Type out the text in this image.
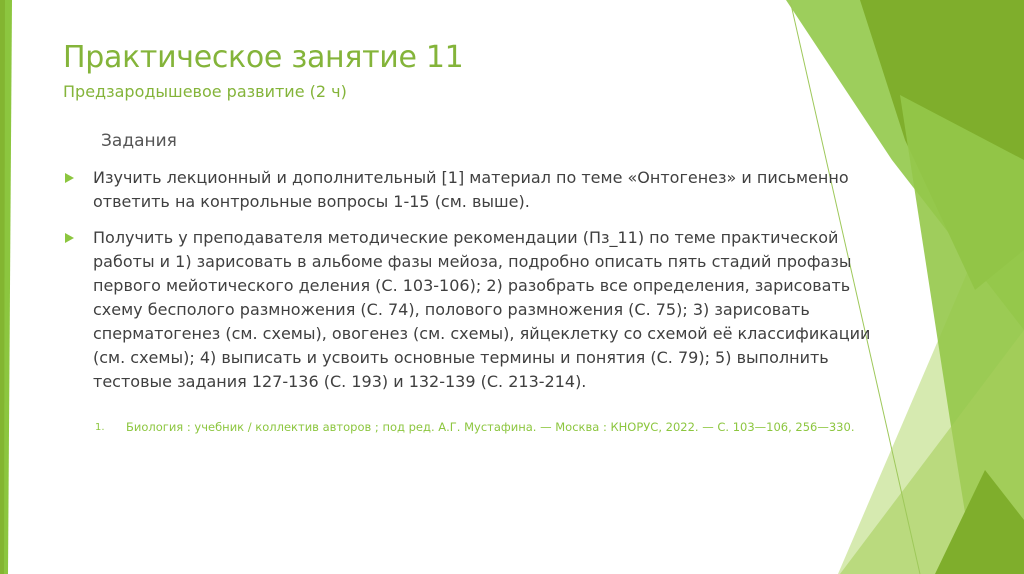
Практическое занятие 11
Предзародышевое развитие (2 ч)
Задания
Изучить лекционный и дополнительный [1] материал по теме «Онтогенез» и письменно ответить на контрольные вопросы 1-15 (см. выше).
Получить у преподавателя методические рекомендации (Пз_11) по теме практической работы и 1) зарисовать в альбоме фазы мейоза, подробно описать пять стадий профазы первого мейотического деления (С. 103-106); 2) разобрать все определения, зарисовать схему бесполого размножения (С. 74), полового размножения (С. 75); 3) зарисовать сперматогенез (см. схемы), овогенез (см. схемы), яйцеклетку со схемой её классификации (см. схемы); 4) выписать и усвоить основные термины и понятия (С. 79); 5) выполнить тестовые задания 127-136 (С. 193) и 132-139 (С. 213-214).
1. Биология : учебник / коллектив авторов ; под ред. А.Г. Мустафина. — Москва : КНОРУС, 2022. — С. 103—106, 256—330.
